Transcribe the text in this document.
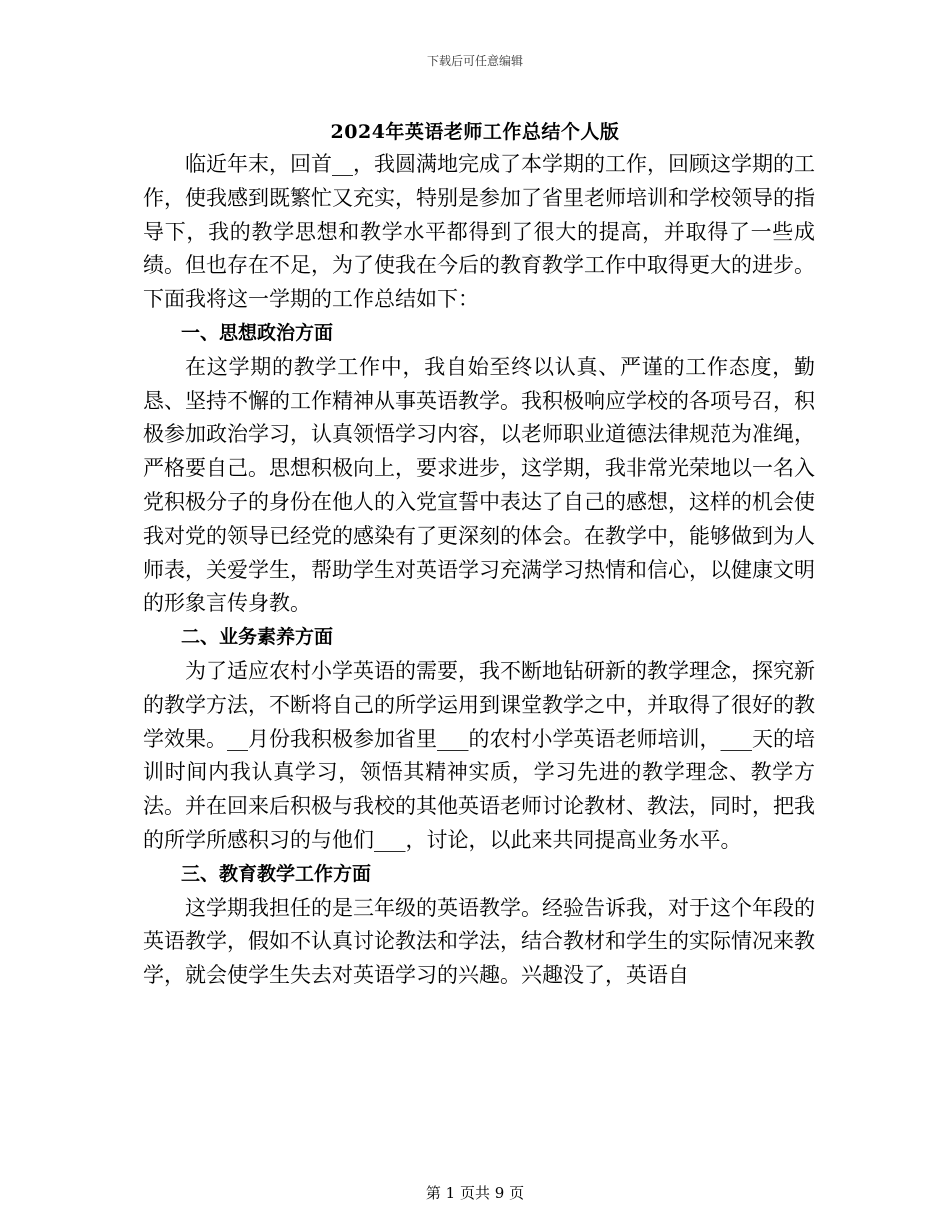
下载后可任意编辑
2024年英语老师工作总结个人版

临近年末，回首__，我圆满地完成了本学期的工作，回顾这学期的工作，使我感到既繁忙又充实，特别是参加了省里老师培训和学校领导的指导下，我的教学思想和教学水平都得到了很大的提高，并取得了一些成绩。但也存在不足，为了使我在今后的教育教学工作中取得更大的进步。下面我将这一学期的工作总结如下：

一、思想政治方面

在这学期的教学工作中，我自始至终以认真、严谨的工作态度，勤恳、坚持不懈的工作精神从事英语教学。我积极响应学校的各项号召，积极参加政治学习，认真领悟学习内容，以老师职业道德法律规范为准绳，严格要自己。思想积极向上，要求进步，这学期，我非常光荣地以一名入党积极分子的身份在他人的入党宣誓中表达了自己的感想，这样的机会使我对党的领导已经党的感染有了更深刻的体会。在教学中，能够做到为人师表，关爱学生，帮助学生对英语学习充满学习热情和信心，以健康文明的形象言传身教。

二、业务素养方面

为了适应农村小学英语的需要，我不断地钻研新的教学理念，探究新的教学方法，不断将自己的所学运用到课堂教学之中，并取得了很好的教学效果。__月份我积极参加省里___的农村小学英语老师培训，___天的培训时间内我认真学习，领悟其精神实质，学习先进的教学理念、教学方法。并在回来后积极与我校的其他英语老师讨论教材、教法，同时，把我的所学所感积习的与他们___，讨论，以此来共同提高业务水平。

三、教育教学工作方面

这学期我担任的是三年级的英语教学。经验告诉我，对于这个年段的英语教学，假如不认真讨论教法和学法，结合教材和学生的实际情况来教学，就会使学生失去对英语学习的兴趣。兴趣没了，英语自

第 1 页共 9 页
